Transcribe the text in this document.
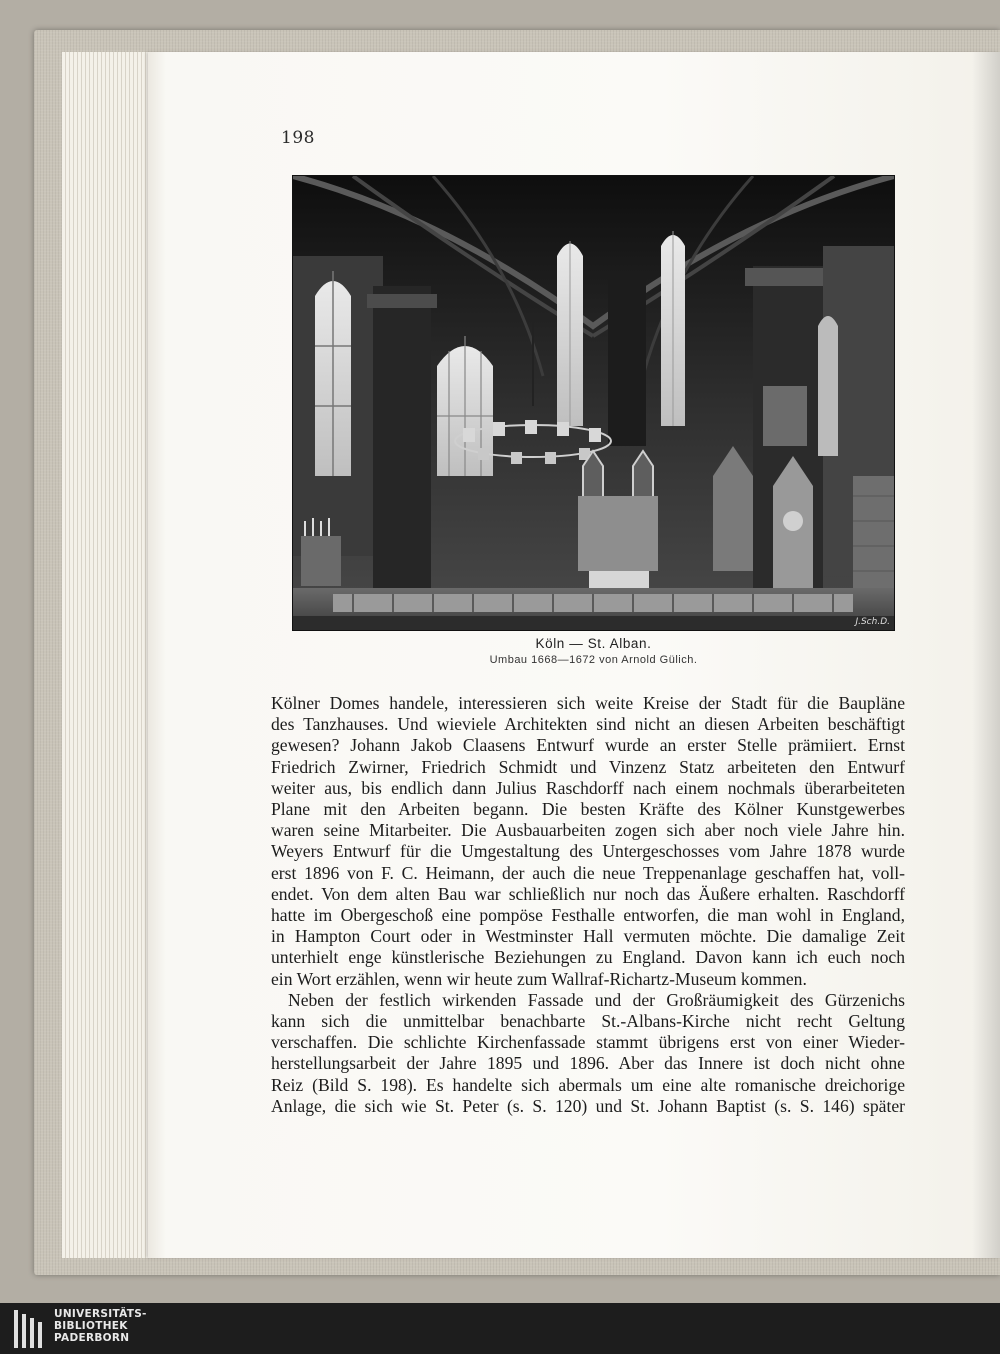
198
J.Sch.D.
Köln — St. Alban.
Umbau 1668—1672 von Arnold Gülich.
Kölner Domes handele, interessieren sich weite Kreise der Stadt für die Baupläne
des Tanzhauses. Und wieviele Architekten sind nicht an diesen Arbeiten beschäftigt
gewesen? Johann Jakob Claasens Entwurf wurde an erster Stelle prämiiert. Ernst
Friedrich Zwirner, Friedrich Schmidt und Vinzenz Statz arbeiteten den Entwurf
weiter aus, bis endlich dann Julius Raschdorff nach einem nochmals überarbeiteten
Plane mit den Arbeiten begann. Die besten Kräfte des Kölner Kunstgewerbes
waren seine Mitarbeiter. Die Ausbauarbeiten zogen sich aber noch viele Jahre hin.
Weyers Entwurf für die Umgestaltung des Untergeschosses vom Jahre 1878 wurde
erst 1896 von F. C. Heimann, der auch die neue Treppenanlage geschaffen hat, voll-
endet. Von dem alten Bau war schließlich nur noch das Äußere erhalten. Raschdorff
hatte im Obergeschoß eine pompöse Festhalle entworfen, die man wohl in England,
in Hampton Court oder in Westminster Hall vermuten möchte. Die damalige Zeit
unterhielt enge künstlerische Beziehungen zu England. Davon kann ich euch noch
ein Wort erzählen, wenn wir heute zum Wallraf-Richartz-Museum kommen.
Neben der festlich wirkenden Fassade und der Großräumigkeit des Gürzenichs
kann sich die unmittelbar benachbarte St.-Albans-Kirche nicht recht Geltung
verschaffen. Die schlichte Kirchenfassade stammt übrigens erst von einer Wieder-
herstellungsarbeit der Jahre 1895 und 1896. Aber das Innere ist doch nicht ohne
Reiz (Bild S. 198). Es handelte sich abermals um eine alte romanische dreichorige
Anlage, die sich wie St. Peter (s. S. 120) und St. Johann Baptist (s. S. 146) später
UNIVERSITÄTS-
BIBLIOTHEK
PADERBORN
